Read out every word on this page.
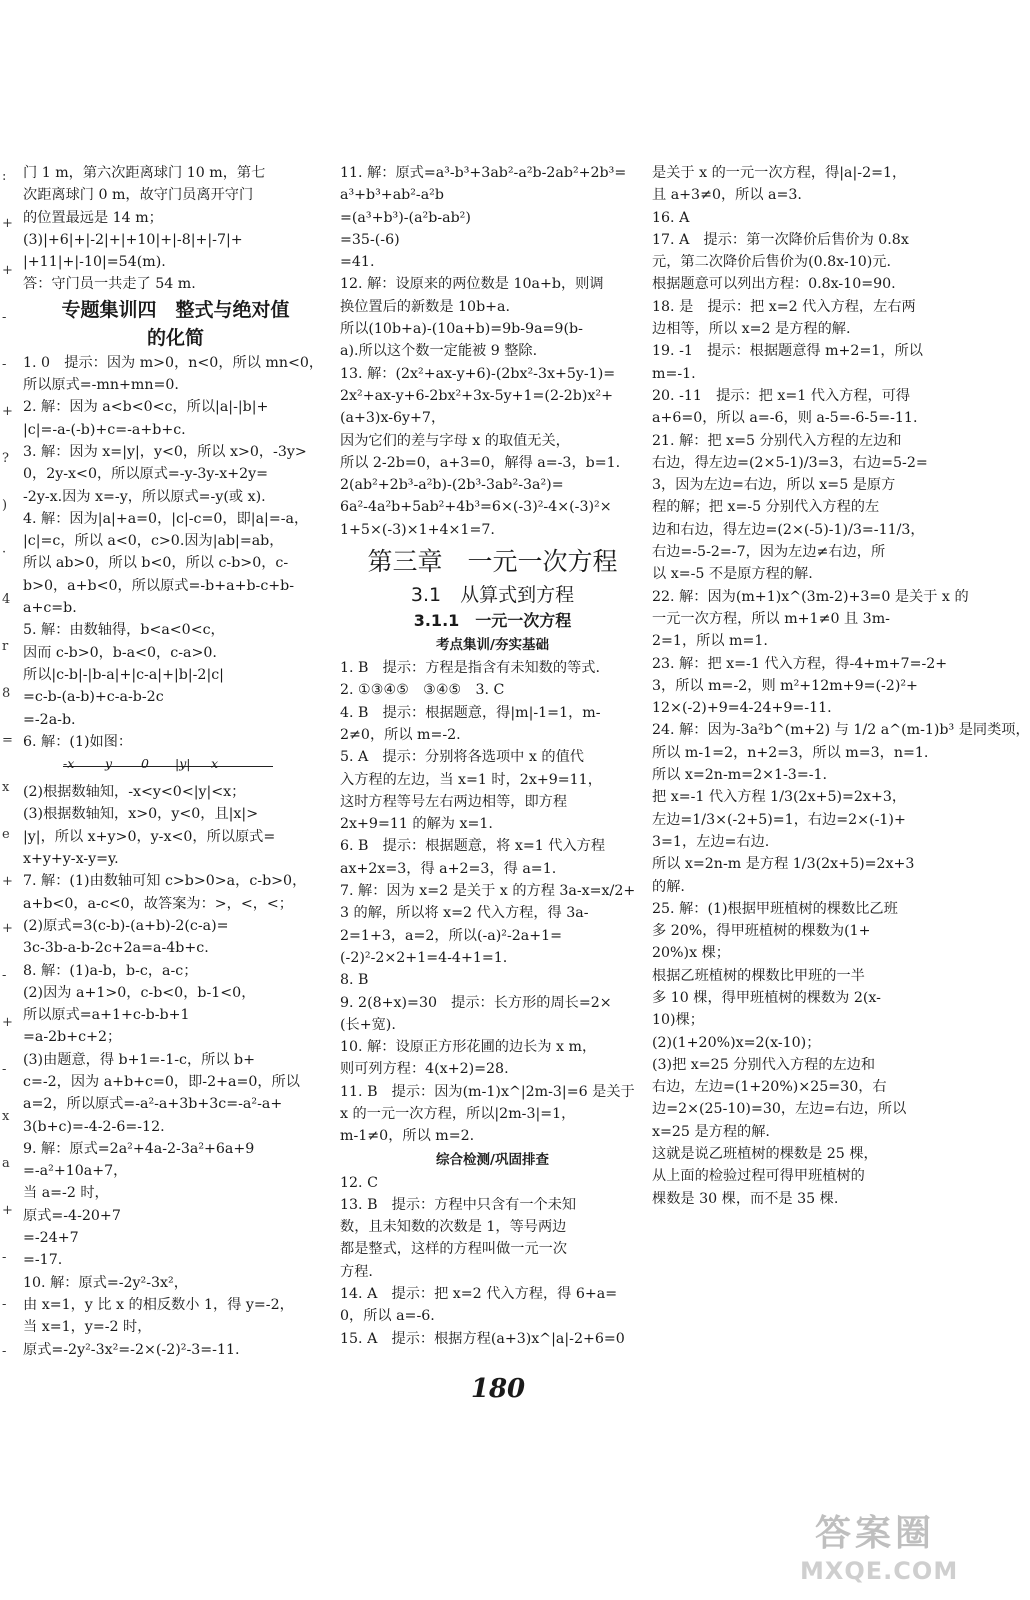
:
+
+
-
-
+
?
)
·
4
r
8
=
x
e
+
+
-
+
-
x
a
+
-
-
-
门 1 m，第六次距离球门 10 m，第七
次距离球门 0 m，故守门员离开守门
的位置最远是 14 m；
(3)|+6|+|-2|+|+10|+|-8|+|-7|+
|+11|+|-10|=54(m).
答：守门员一共走了 54 m.
专题集训四　整式与绝对值
的化简
1. 0　提示：因为 m>0，n<0，所以 mn<0，
所以原式=-mn+mn=0.
2. 解：因为 a<b<0<c，所以|a|-|b|+
|c|=-a-(-b)+c=-a+b+c.
3. 解：因为 x=|y|，y<0，所以 x>0，-3y>
0，2y-x<0，所以原式=-y-3y-x+2y=
-2y-x.因为 x=-y，所以原式=-y(或 x).
4. 解：因为|a|+a=0，|c|-c=0，即|a|=-a，
|c|=c，所以 a<0，c>0.因为|ab|=ab，
所以 ab>0，所以 b<0，所以 c-b>0，c-
b>0，a+b<0，所以原式=-b+a+b-c+b-
a+c=b.
5. 解：由数轴得，b<a<0<c，
因而 c-b>0，b-a<0，c-a>0.
所以|c-b|-|b-a|+|c-a|+|b|-2|c|
=c-b-(a-b)+c-a-b-2c
=-2a-b.
6. 解：(1)如图：
-x y 0 |y| x
(2)根据数轴知，-x<y<0<|y|<x；
(3)根据数轴知，x>0，y<0，且|x|>
|y|，所以 x+y>0，y-x<0，所以原式=
x+y+y-x-y=y.
7. 解：(1)由数轴可知 c>b>0>a，c-b>0，
a+b<0，a-c<0，故答案为：>，<，<；
(2)原式=3(c-b)-(a+b)-2(c-a)=
3c-3b-a-b-2c+2a=a-4b+c.
8. 解：(1)a-b，b-c，a-c；
(2)因为 a+1>0，c-b<0，b-1<0，
所以原式=a+1+c-b-b+1
=a-2b+c+2；
(3)由题意，得 b+1=-1-c，所以 b+
c=-2，因为 a+b+c=0，即-2+a=0，所以
a=2，所以原式=-a²-a+3b+3c=-a²-a+
3(b+c)=-4-2-6=-12.
9. 解：原式=2a²+4a-2-3a²+6a+9
=-a²+10a+7，
当 a=-2 时，
原式=-4-20+7
=-24+7
=-17.
10. 解：原式=-2y²-3x²，
由 x=1，y 比 x 的相反数小 1，得 y=-2，
当 x=1，y=-2 时，
原式=-2y²-3x²=-2×(-2)²-3=-11.
11. 解：原式=a³-b³+3ab²-a²b-2ab²+2b³=
a³+b³+ab²-a²b
=(a³+b³)-(a²b-ab²)
=35-(-6)
=41.
12. 解：设原来的两位数是 10a+b，则调
换位置后的新数是 10b+a.
所以(10b+a)-(10a+b)=9b-9a=9(b-
a).所以这个数一定能被 9 整除.
13. 解：(2x²+ax-y+6)-(2bx²-3x+5y-1)=
2x²+ax-y+6-2bx²+3x-5y+1=(2-2b)x²+
(a+3)x-6y+7，
因为它们的差与字母 x 的取值无关，
所以 2-2b=0，a+3=0，解得 a=-3，b=1.
2(ab²+2b³-a²b)-(2b³-3ab²-3a²)=
6a²-4a²b+5ab²+4b³=6×(-3)²-4×(-3)²×
1+5×(-3)×1+4×1=7.
第三章　一元一次方程
3.1　从算式到方程
3.1.1　一元一次方程
考点集训/夯实基础
1. B　提示：方程是指含有未知数的等式.
2. ①③④⑤　③④⑤　3. C
4. B　提示：根据题意，得|m|-1=1，m-
2≠0，所以 m=-2.
5. A　提示：分别将各选项中 x 的值代
入方程的左边，当 x=1 时，2x+9=11，
这时方程等号左右两边相等，即方程
2x+9=11 的解为 x=1.
6. B　提示：根据题意，将 x=1 代入方程
ax+2x=3，得 a+2=3，得 a=1.
7. 解：因为 x=2 是关于 x 的方程 3a-x=x/2+
3 的解，所以将 x=2 代入方程，得 3a-
2=1+3，a=2，所以(-a)²-2a+1=
(-2)²-2×2+1=4-4+1=1.
8. B
9. 2(8+x)=30　提示：长方形的周长=2×
(长+宽).
10. 解：设原正方形花圃的边长为 x m，
则可列方程：4(x+2)=28.
11. B　提示：因为(m-1)x^|2m-3|=6 是关于
x 的一元一次方程，所以|2m-3|=1，
m-1≠0，所以 m=2.
综合检测/巩固排查
12. C
13. B　提示：方程中只含有一个未知
数，且未知数的次数是 1，等号两边
都是整式，这样的方程叫做一元一次
方程.
14. A　提示：把 x=2 代入方程，得 6+a=
0，所以 a=-6.
15. A　提示：根据方程(a+3)x^|a|-2+6=0
是关于 x 的一元一次方程，得|a|-2=1，
且 a+3≠0，所以 a=3.
16. A
17. A　提示：第一次降价后售价为 0.8x
元，第二次降价后售价为(0.8x-10)元.
根据题意可以列出方程：0.8x-10=90.
18. 是　提示：把 x=2 代入方程，左右两
边相等，所以 x=2 是方程的解.
19. -1　提示：根据题意得 m+2=1，所以
m=-1.
20. -11　提示：把 x=1 代入方程，可得
a+6=0，所以 a=-6，则 a-5=-6-5=-11.
21. 解：把 x=5 分别代入方程的左边和
右边，得左边=(2×5-1)/3=3，右边=5-2=
3，因为左边=右边，所以 x=5 是原方
程的解；把 x=-5 分别代入方程的左
边和右边，得左边=(2×(-5)-1)/3=-11/3，
右边=-5-2=-7，因为左边≠右边，所
以 x=-5 不是原方程的解.
22. 解：因为(m+1)x^(3m-2)+3=0 是关于 x 的
一元一次方程，所以 m+1≠0 且 3m-
2=1，所以 m=1.
23. 解：把 x=-1 代入方程，得-4+m+7=-2+
3，所以 m=-2，则 m²+12m+9=(-2)²+
12×(-2)+9=4-24+9=-11.
24. 解：因为-3a²b^(m+2) 与 1/2 a^(m-1)b³ 是同类项，
所以 m-1=2，n+2=3，所以 m=3，n=1.
所以 x=2n-m=2×1-3=-1.
把 x=-1 代入方程 1/3(2x+5)=2x+3，
左边=1/3×(-2+5)=1，右边=2×(-1)+
3=1，左边=右边.
所以 x=2n-m 是方程 1/3(2x+5)=2x+3
的解.
25. 解：(1)根据甲班植树的棵数比乙班
多 20%，得甲班植树的棵数为(1+
20%)x 棵；
根据乙班植树的棵数比甲班的一半
多 10 棵，得甲班植树的棵数为 2(x-
10)棵；
(2)(1+20%)x=2(x-10)；
(3)把 x=25 分别代入方程的左边和
右边，左边=(1+20%)×25=30，右
边=2×(25-10)=30，左边=右边，所以
x=25 是方程的解.
这就是说乙班植树的棵数是 25 棵，
从上面的检验过程可得甲班植树的
棵数是 30 棵，而不是 35 棵.
180
答案圈
MXQE.COM
